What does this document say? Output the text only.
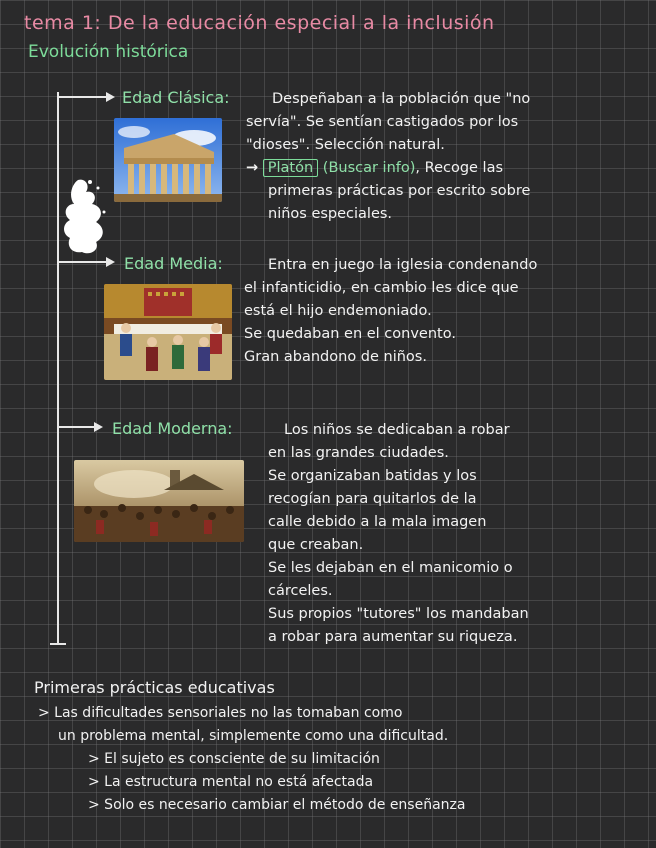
tema 1: De la educación especial a la inclusión
Evolución histórica
Edad Clásica:	Despeñaban a la población que "no
servía". Se sentían castigados por los
"dioses". Selección natural.
→ Platón (Buscar info), Recoge las
primeras prácticas por escrito sobre
niños especiales.
Edad Media:	Entra en juego la iglesia condenando
el infanticidio, en cambio les dice que
está el hijo endemoniado.
Se quedaban en el convento.
Gran abandono de niños.
Edad Moderna:	Los niños se dedicaban a robar
en las grandes ciudades.
Se organizaban batidas y los
recogían para quitarlos de la
calle debido a la mala imagen
que creaban.
Se les dejaban en el manicomio o
cárceles.
Sus propios "tutores" los mandaban
a robar para aumentar su riqueza.
Primeras prácticas educativas
> Las dificultades sensoriales no las tomaban como
un problema mental, simplemente como una dificultad.
> El sujeto es consciente de su limitación
> La estructura mental no está afectada
> Solo es necesario cambiar el método de enseñanza
